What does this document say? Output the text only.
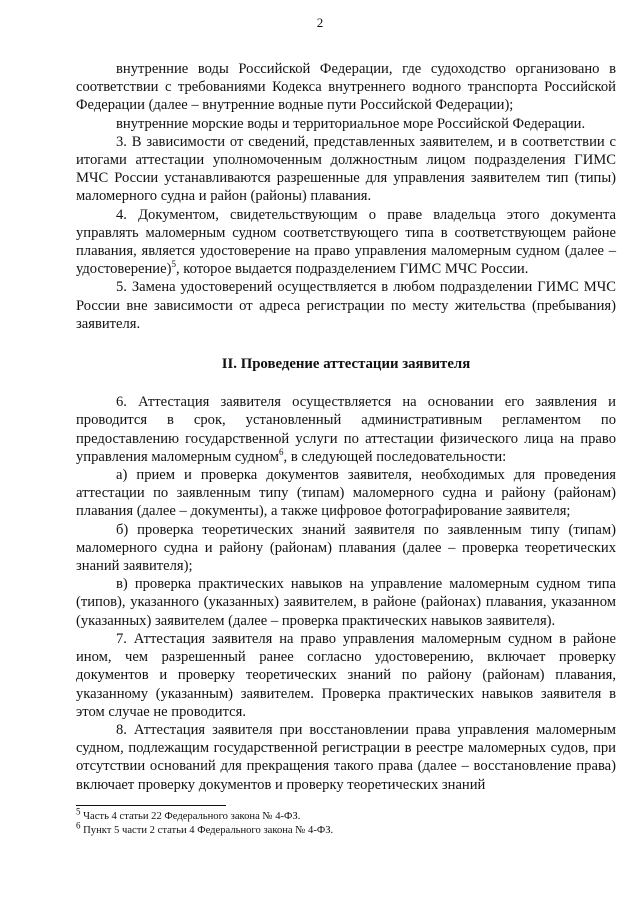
2

внутренние воды Российской Федерации, где судоходство организовано в соответствии с требованиями Кодекса внутреннего водного транспорта Российской Федерации (далее – внутренние водные пути Российской Федерации);

внутренние морские воды и территориальное море Российской Федерации.

3. В зависимости от сведений, представленных заявителем, и в соответствии с итогами аттестации уполномоченным должностным лицом подразделения ГИМС МЧС России устанавливаются разрешенные для управления заявителем тип (типы) маломерного судна и район (районы) плавания.

4. Документом, свидетельствующим о праве владельца этого документа управлять маломерным судном соответствующего типа в соответствующем районе плавания, является удостоверение на право управления маломерным судном (далее – удостоверение)$^5$, которое выдается подразделением ГИМС МЧС России.

5. Замена удостоверений осуществляется в любом подразделении ГИМС МЧС России вне зависимости от адреса регистрации по месту жительства (пребывания) заявителя.

II. Проведение аттестации заявителя

6. Аттестация заявителя осуществляется на основании его заявления и проводится в срок, установленный административным регламентом по предоставлению государственной услуги по аттестации физического лица на право управления маломерным судном$^6$, в следующей последовательности:

а) прием и проверка документов заявителя, необходимых для проведения аттестации по заявленным типу (типам) маломерного судна и району (районам) плавания (далее – документы), а также цифровое фотографирование заявителя;

б) проверка теоретических знаний заявителя по заявленным типу (типам) маломерного судна и району (районам) плавания (далее – проверка теоретических знаний заявителя);

в) проверка практических навыков на управление маломерным судном типа (типов), указанного (указанных) заявителем, в районе (районах) плавания, указанном (указанных) заявителем (далее – проверка практических навыков заявителя).

7. Аттестация заявителя на право управления маломерным судном в районе ином, чем разрешенный ранее согласно удостоверению, включает проверку документов и проверку теоретических знаний по району (районам) плавания, указанному (указанным) заявителем. Проверка практических навыков заявителя в этом случае не проводится.

8. Аттестация заявителя при восстановлении права управления маломерным судном, подлежащим государственной регистрации в реестре маломерных судов, при отсутствии оснований для прекращения такого права (далее – восстановление права) включает проверку документов и проверку теоретических знаний

$^5$ Часть 4 статьи 22 Федерального закона № 4-ФЗ.

$^6$ Пункт 5 части 2 статьи 4 Федерального закона № 4-ФЗ.
